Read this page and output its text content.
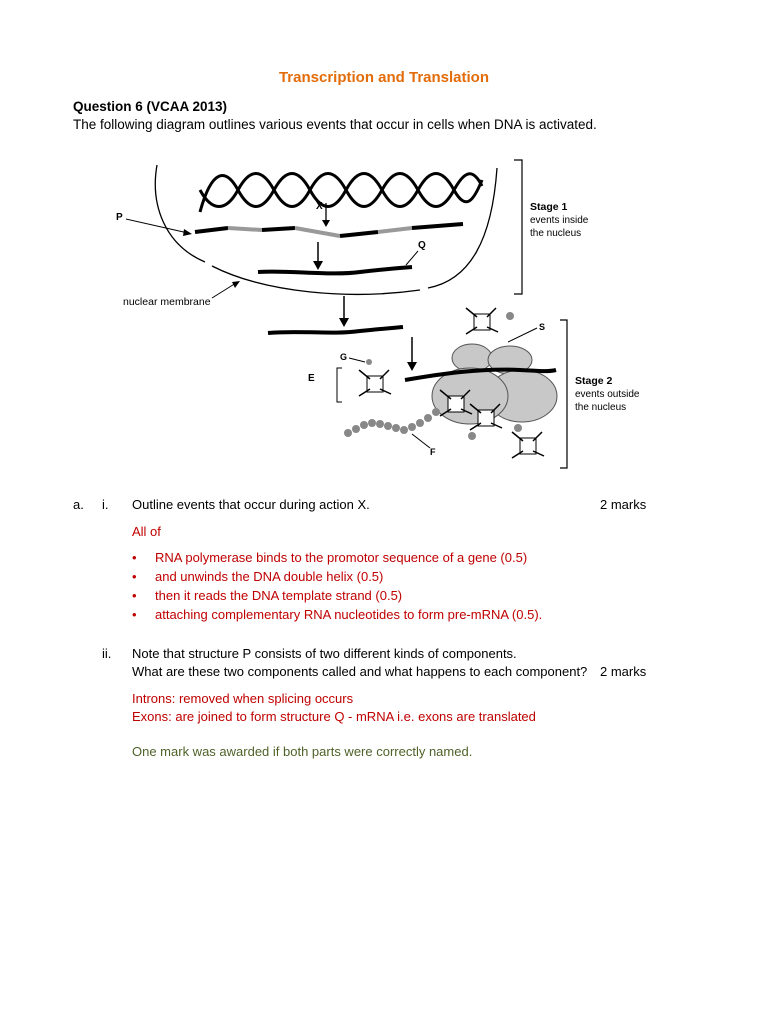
Transcription and Translation
Question 6 (VCAA 2013)
The following diagram outlines various events that occur in cells when DNA is activated.
X
P
Q
nuclear membrane
Stage 1
events inside
the nucleus
S
G
E
F
Stage 2
events outside
the nucleus
a. i. Outline events that occur during action X.	2 marks
All of
• RNA polymerase binds to the promotor sequence of a gene (0.5)
• and unwinds the DNA double helix (0.5)
• then it reads the DNA template strand (0.5)
• attaching complementary RNA nucleotides to form pre-mRNA (0.5).
ii. Note that structure P consists of two different kinds of components.
What are these two components called and what happens to each component? 2 marks
Introns: removed when splicing occurs
Exons: are joined to form structure Q - mRNA i.e. exons are translated
One mark was awarded if both parts were correctly named.
